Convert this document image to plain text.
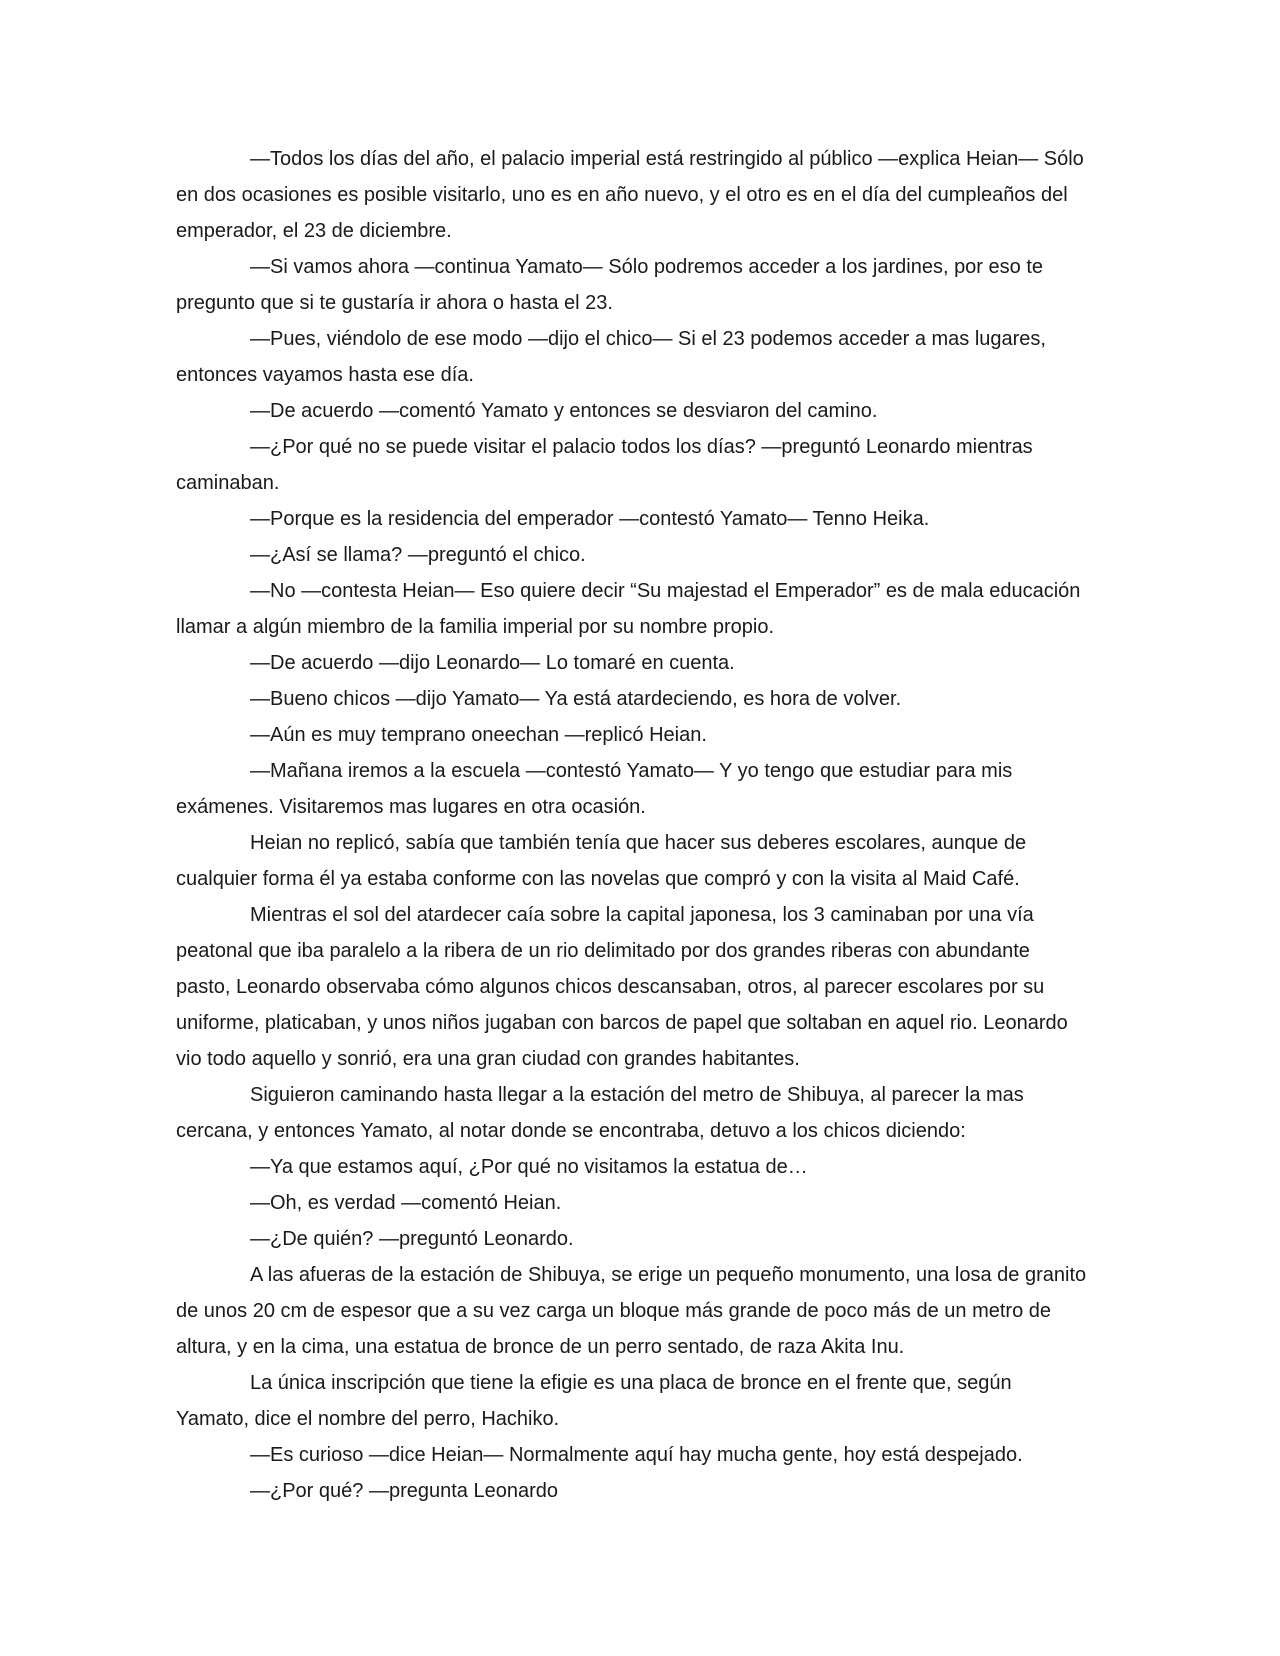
—Todos los días del año, el palacio imperial está restringido al público —explica Heian— Sólo en dos ocasiones es posible visitarlo, uno es en año nuevo, y el otro es en el día del cumpleaños del emperador, el 23 de diciembre.

—Si vamos ahora —continua Yamato— Sólo podremos acceder a los jardines, por eso te pregunto que si te gustaría ir ahora o hasta el 23.

—Pues, viéndolo de ese modo —dijo el chico— Si el 23 podemos acceder a mas lugares, entonces vayamos hasta ese día.

—De acuerdo —comentó Yamato y entonces se desviaron del camino.

—¿Por qué no se puede visitar el palacio todos los días? —preguntó Leonardo mientras caminaban.

—Porque es la residencia del emperador —contestó Yamato— Tenno Heika.

—¿Así se llama? —preguntó el chico.

—No —contesta Heian— Eso quiere decir “Su majestad el Emperador” es de mala educación llamar a algún miembro de la familia imperial por su nombre propio.

—De acuerdo —dijo Leonardo— Lo tomaré en cuenta.

—Bueno chicos —dijo Yamato— Ya está atardeciendo, es hora de volver.

—Aún es muy temprano oneechan —replicó Heian.

—Mañana iremos a la escuela —contestó Yamato— Y yo tengo que estudiar para mis exámenes. Visitaremos mas lugares en otra ocasión.

Heian no replicó, sabía que también tenía que hacer sus deberes escolares, aunque de cualquier forma él ya estaba conforme con las novelas que compró y con la visita al Maid Café.

Mientras el sol del atardecer caía sobre la capital japonesa, los 3 caminaban por una vía peatonal que iba paralelo a la ribera de un rio delimitado por dos grandes riberas con abundante pasto, Leonardo observaba cómo algunos chicos descansaban, otros, al parecer escolares por su uniforme, platicaban, y unos niños jugaban con barcos de papel que soltaban en aquel rio. Leonardo vio todo aquello y sonrió, era una gran ciudad con grandes habitantes.

Siguieron caminando hasta llegar a la estación del metro de Shibuya, al parecer la mas cercana, y entonces Yamato, al notar donde se encontraba, detuvo a los chicos diciendo:

—Ya que estamos aquí, ¿Por qué no visitamos la estatua de…

—Oh, es verdad —comentó Heian.

—¿De quién? —preguntó Leonardo.

A las afueras de la estación de Shibuya, se erige un pequeño monumento, una losa de granito de unos 20 cm de espesor que a su vez carga un bloque más grande de poco más de un metro de altura, y en la cima, una estatua de bronce de un perro sentado, de raza Akita Inu.

La única inscripción que tiene la efigie es una placa de bronce en el frente que, según Yamato, dice el nombre del perro, Hachiko.

—Es curioso —dice Heian— Normalmente aquí hay mucha gente, hoy está despejado.

—¿Por qué? —pregunta Leonardo
